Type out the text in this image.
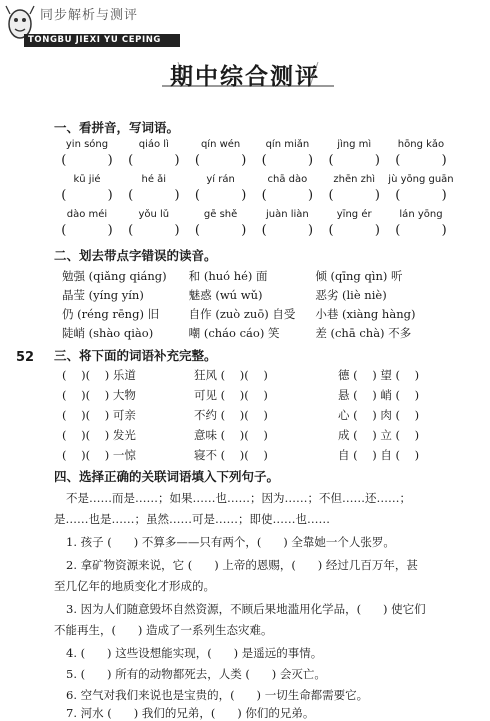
同步解析与测评
TONGBU JIEXI YU CEPING
期中综合测评
52
一、看拼音，写词语。
yin sóng	qiáo lì	qín wén	qín miǎn	jìng mì	hōng kǎo
(          )	(          )	(          )	(          )	(          )	(          )
kū jié	hé ǎi	yí rán	chā dào	zhēn zhì	jù yōng guān
(          )	(          )	(          )	(          )	(          )	(          )
dào méi	yǒu lǔ	gē shě	juàn liàn	yīng ér	lán yōng
(          )	(          )	(          )	(          )	(          )	(          )
二、划去带点字错误的读音。
勉强 (qiǎng qiáng)	和 (huó hé) 面	倾 (qīng qìn) 听
晶莹 (yíng yín)	魅惑 (wú wǔ)	恶劣 (liè niè)
仍 (réng rēng) 旧	自作 (zuò zuō) 自受	小巷 (xiàng hàng)
陡峭 (shào qiào)	嘲 (cháo cáo) 笑	差 (chā chà) 不多
三、将下面的词语补充完整。
(    )(    ) 乐道	狂风 (    )(    )	德 (    ) 望 (    )
(    )(    ) 大物	可见 (    )(    )	悬 (    ) 峭 (    )
(    )(    ) 可亲	不约 (    )(    )	心 (    ) 肉 (    )
(    )(    ) 发光	意味 (    )(    )	成 (    ) 立 (    )
(    )(    ) 一惊	寝不 (    )(    )	自 (    ) 自 (    )
四、选择正确的关联词语填入下列句子。
不是……而是……；如果……也……；因为……；不但……还……；
是……也是……；虽然……可是……；即使……也……
1. 孩子 (      ) 不算多——只有两个，(      ) 全靠她一个人张罗。
2. 拿矿物资源来说，它 (      ) 上帝的恩赐，(      ) 经过几百万年，甚
至几亿年的地质变化才形成的。
3. 因为人们随意毁坏自然资源，不顾后果地滥用化学品，(      ) 使它们
不能再生，(      ) 造成了一系列生态灾难。
4. (      ) 这些设想能实现，(      ) 是遥远的事情。
5. (      ) 所有的动物都死去，人类 (      ) 会灭亡。
6. 空气对我们来说也是宝贵的，(      ) 一切生命都需要它。
7. 河水 (      ) 我们的兄弟，(      ) 你们的兄弟。
